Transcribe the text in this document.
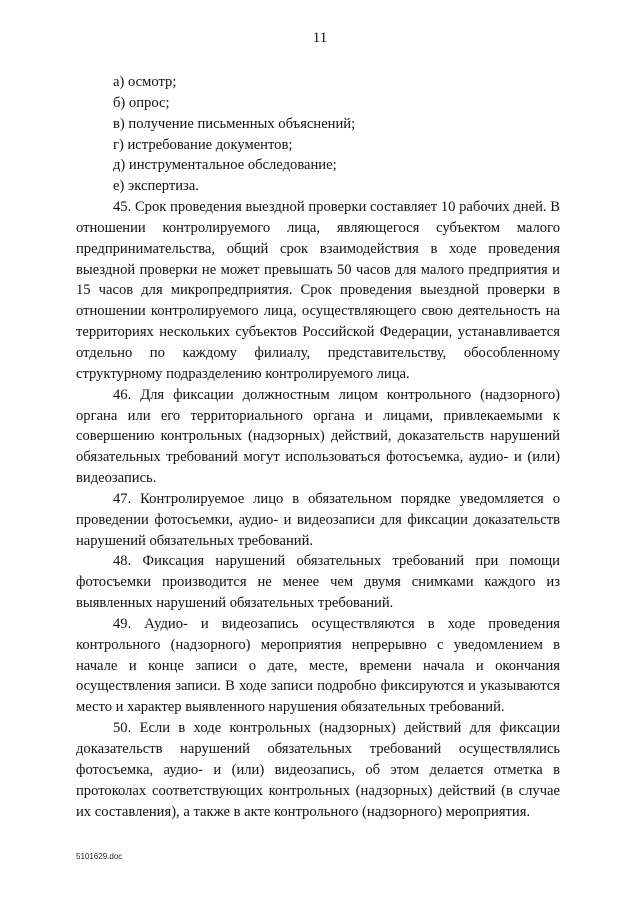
11

а) осмотр;

б) опрос;

в) получение письменных объяснений;

г) истребование документов;

д) инструментальное обследование;

е) экспертиза.

45. Срок проведения выездной проверки составляет 10 рабочих дней. В отношении контролируемого лица, являющегося субъектом малого предпринимательства, общий срок взаимодействия в ходе проведения выездной проверки не может превышать 50 часов для малого предприятия и 15 часов для микропредприятия. Срок проведения выездной проверки в отношении контролируемого лица, осуществляющего свою деятельность на территориях нескольких субъектов Российской Федерации, устанавливается отдельно по каждому филиалу, представительству, обособленному структурному подразделению контролируемого лица.

46. Для фиксации должностным лицом контрольного (надзорного) органа или его территориального органа и лицами, привлекаемыми к совершению контрольных (надзорных) действий, доказательств нарушений обязательных требований могут использоваться фотосъемка, аудио- и (или) видеозапись.

47. Контролируемое лицо в обязательном порядке уведомляется о проведении фотосъемки, аудио- и видеозаписи для фиксации доказательств нарушений обязательных требований.

48. Фиксация нарушений обязательных требований при помощи фотосъемки производится не менее чем двумя снимками каждого из выявленных нарушений обязательных требований.

49. Аудио- и видеозапись осуществляются в ходе проведения контрольного (надзорного) мероприятия непрерывно с уведомлением в начале и конце записи о дате, месте, времени начала и окончания осуществления записи. В ходе записи подробно фиксируются и указываются место и характер выявленного нарушения обязательных требований.

50. Если в ходе контрольных (надзорных) действий для фиксации доказательств нарушений обязательных требований осуществлялись фотосъемка, аудио- и (или) видеозапись, об этом делается отметка в протоколах соответствующих контрольных (надзорных) действий (в случае их составления), а также в акте контрольного (надзорного) мероприятия.

5101629.doc
